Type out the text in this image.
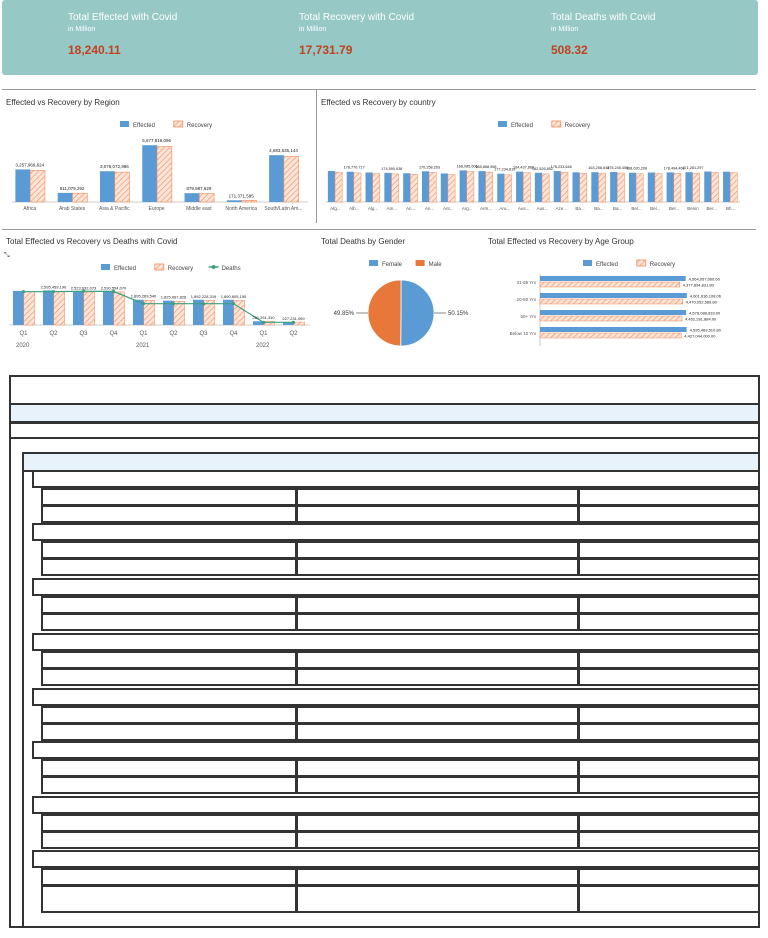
Total Effected with Covid
in Million
18,240.11
Total Recovery with Covid
in Million
17,731.79
Total Deaths with Covid
in Million
508.32
Effected vs Recovery by Region	Effected vs Recovery by country
Total Effected vs Recovery vs Deaths with Covid	Total Deaths by Gender	Total Effected vs Recovery by Age Group
Effected	Recovery
3,257,969,624
Africa
911,079,292
Arab States
3,076,072,986
Asia & Pacific
5,677,816,096
Europe
879,987,629
Middle east
171,371,595
North America
4,683,535,144
South/Latin Am...
Effected	Recovery
Afg... Alb... Alg... Am... An... An... Ant... Arg... Arm... Aru... Aus... Aus... Aze... Ba... Ba... Ba... Bel... Bel... Bel... Benin Ber... Bh...
178,770,717	174,590,638	170,258,263	168,085,606
165,868,958
177,234,819
164,437,868
182,526,852
178,233,646	163,258,648
175,245,406
168,620,208	178,494,469
171,281,297
Effected	Recovery	Deaths
⤡
Q1	Q2	Q3	Q4	Q1	Q2	Q3	Q4	Q1	Q2
2,595,459,190 2,523,632,073 2,530,554,070
1,895,269,540 1,825,067,828 1,892,228,319 1,890,605,195
281,251,310 227,231,099
2020	2021	2022
Female	Male
50.15%
49.85%
Effected	Recovery
4,564,057,060.60
4,377,894,831.80
31-55 Yrs
4,601,636,108.06
4,470,052,589.80
20-50 Yrs
4,578,088,833.00
4,452,281,884.00
50+ Yrs
4,595,469,510.80
4,427,044,000.00
Below 10 Yrs
